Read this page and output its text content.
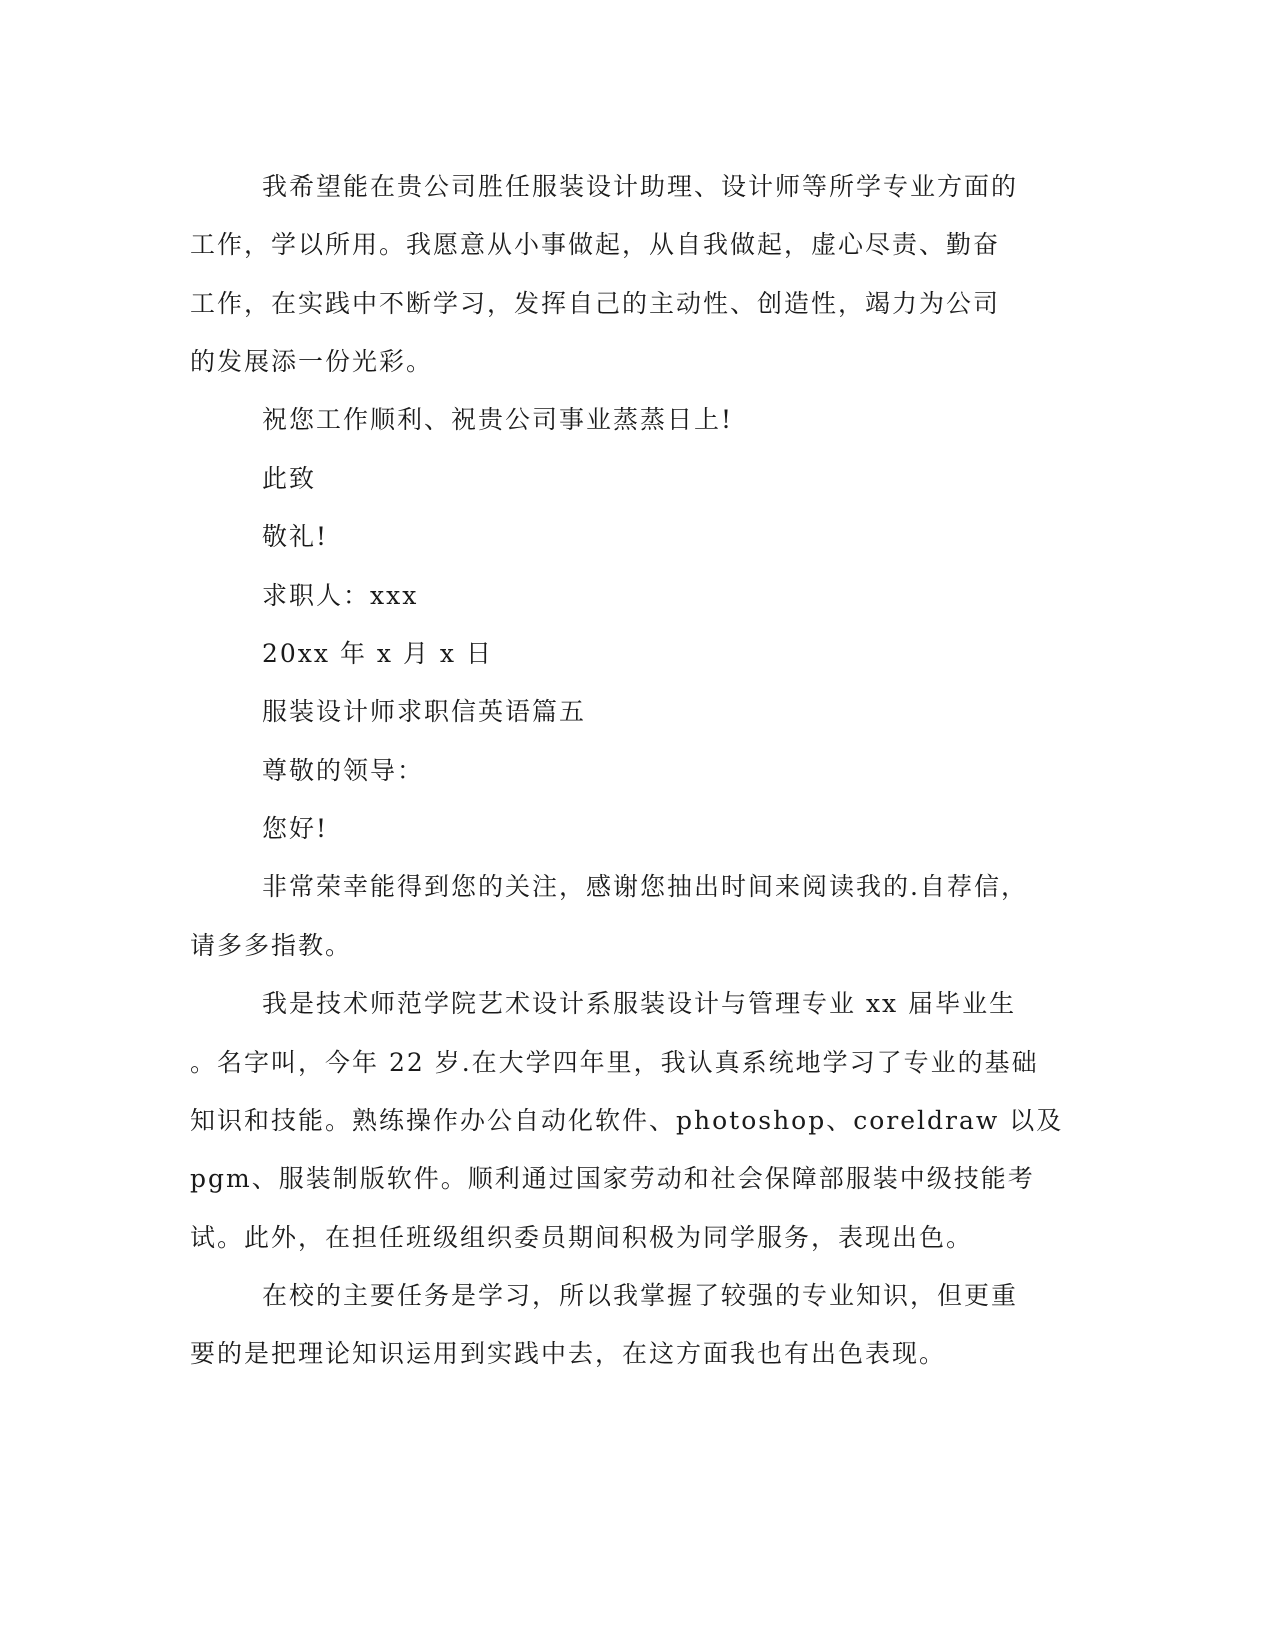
我希望能在贵公司胜任服装设计助理、设计师等所学专业方面的
工作，学以所用。我愿意从小事做起，从自我做起，虚心尽责、勤奋
工作，在实践中不断学习，发挥自己的主动性、创造性，竭力为公司
的发展添一份光彩。
祝您工作顺利、祝贵公司事业蒸蒸日上!
此致
敬礼!
求职人：xxx
20xx 年 x 月 x 日
服装设计师求职信英语篇五
尊敬的领导：
您好!
非常荣幸能得到您的关注，感谢您抽出时间来阅读我的.自荐信，
请多多指教。
我是技术师范学院艺术设计系服装设计与管理专业 xx 届毕业生
。名字叫，今年 22 岁.在大学四年里，我认真系统地学习了专业的基础
知识和技能。熟练操作办公自动化软件、photoshop、coreldraw 以及
pgm、服装制版软件。顺利通过国家劳动和社会保障部服装中级技能考
试。此外，在担任班级组织委员期间积极为同学服务，表现出色。
在校的主要任务是学习，所以我掌握了较强的专业知识，但更重
要的是把理论知识运用到实践中去，在这方面我也有出色表现。
